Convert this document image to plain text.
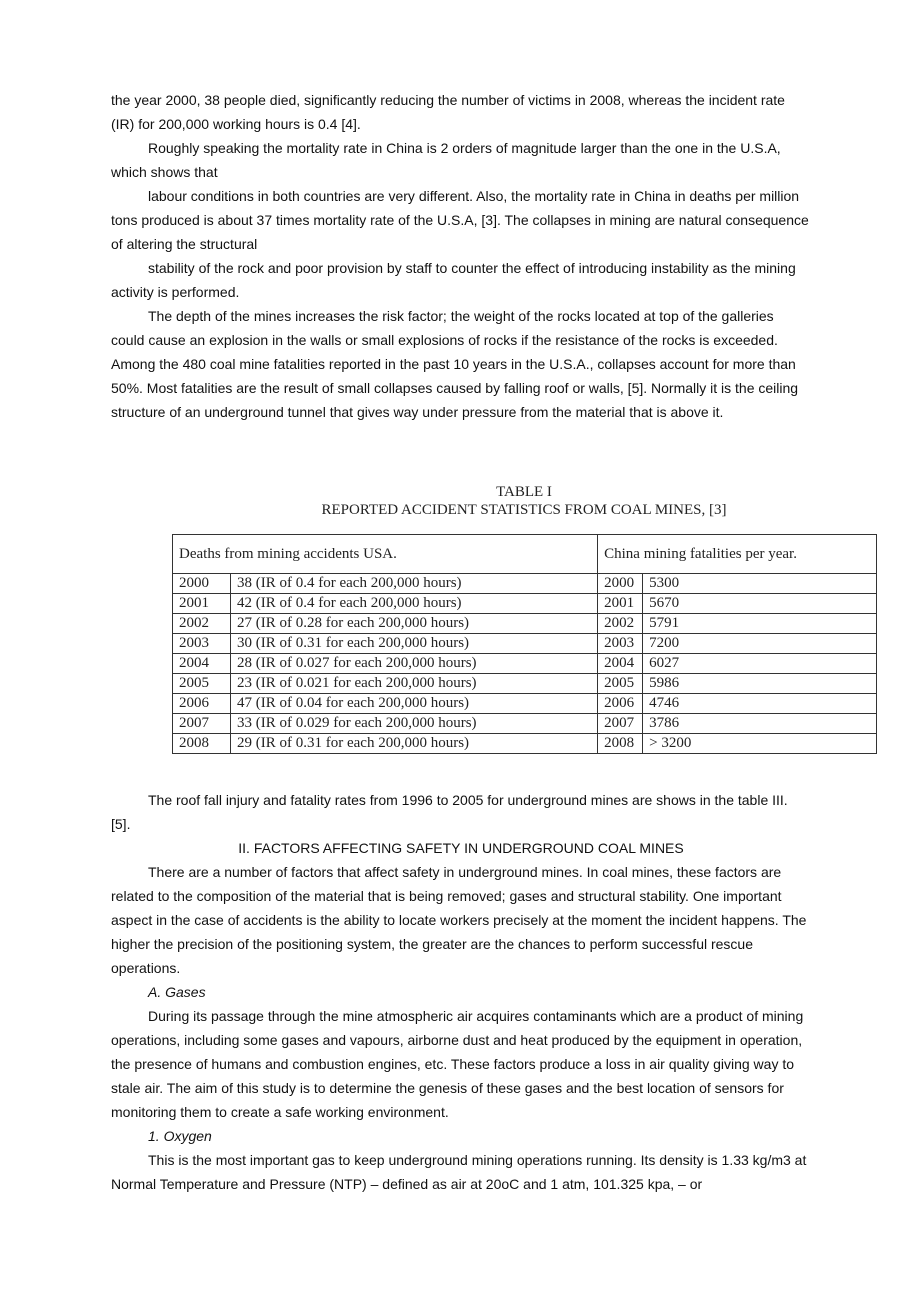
the year 2000, 38 people died, significantly reducing the number of victims in 2008, whereas the incident rate (IR) for 200,000 working hours is 0.4 [4].

Roughly speaking the mortality rate in China is 2 orders of magnitude larger than the one in the U.S.A, which shows that

labour conditions in both countries are very different. Also, the mortality rate in China in deaths per million tons produced is about 37 times mortality rate of the U.S.A, [3]. The collapses in mining are natural consequence of altering the structural

stability of the rock and poor provision by staff to counter the effect of introducing instability as the mining activity is performed.

The depth of the mines increases the risk factor; the weight of the rocks located at top of the galleries could cause an explosion in the walls or small explosions of rocks if the resistance of the rocks is exceeded. Among the 480 coal mine fatalities reported in the past 10 years in the U.S.A., collapses account for more than 50%. Most fatalities are the result of small collapses caused by falling roof or walls, [5]. Normally it is the ceiling structure of an underground tunnel that gives way under pressure from the material that is above it.

TABLE I
REPORTED ACCIDENT STATISTICS FROM COAL MINES, [3]
Deaths from mining accidents USA.		China mining fatalities per year.	
2000	38 (IR of 0.4 for each 200,000 hours)	2000	5300
2001	42 (IR of 0.4 for each 200,000 hours)	2001	5670
2002	27 (IR of 0.28 for each 200,000 hours)	2002	5791
2003	30 (IR of 0.31 for each 200,000 hours)	2003	7200
2004	28 (IR of 0.027 for each 200,000 hours)	2004	6027
2005	23 (IR of 0.021 for each 200,000 hours)	2005	5986
2006	47 (IR of 0.04 for each 200,000 hours)	2006	4746
2007	33 (IR of 0.029 for each 200,000 hours)	2007	3786
2008	29 (IR of 0.31 for each 200,000 hours)	2008	> 3200

The roof fall injury and fatality rates from 1996 to 2005 for underground mines are shows in the table III. [5].

II. FACTORS AFFECTING SAFETY IN UNDERGROUND COAL MINES

There are a number of factors that affect safety in underground mines. In coal mines, these factors are related to the composition of the material that is being removed; gases and structural stability. One important aspect in the case of accidents is the ability to locate workers precisely at the moment the incident happens. The higher the precision of the positioning system, the greater are the chances to perform successful rescue operations.

A. Gases

During its passage through the mine atmospheric air acquires contaminants which are a product of mining operations, including some gases and vapours, airborne dust and heat produced by the equipment in operation, the presence of humans and combustion engines, etc. These factors produce a loss in air quality giving way to stale air. The aim of this study is to determine the genesis of these gases and the best location of sensors for monitoring them to create a safe working environment.

1. Oxygen

This is the most important gas to keep underground mining operations running. Its density is 1.33 kg/m3 at Normal Temperature and Pressure (NTP) – defined as air at 20oC and 1 atm, 101.325 kpa, – or
